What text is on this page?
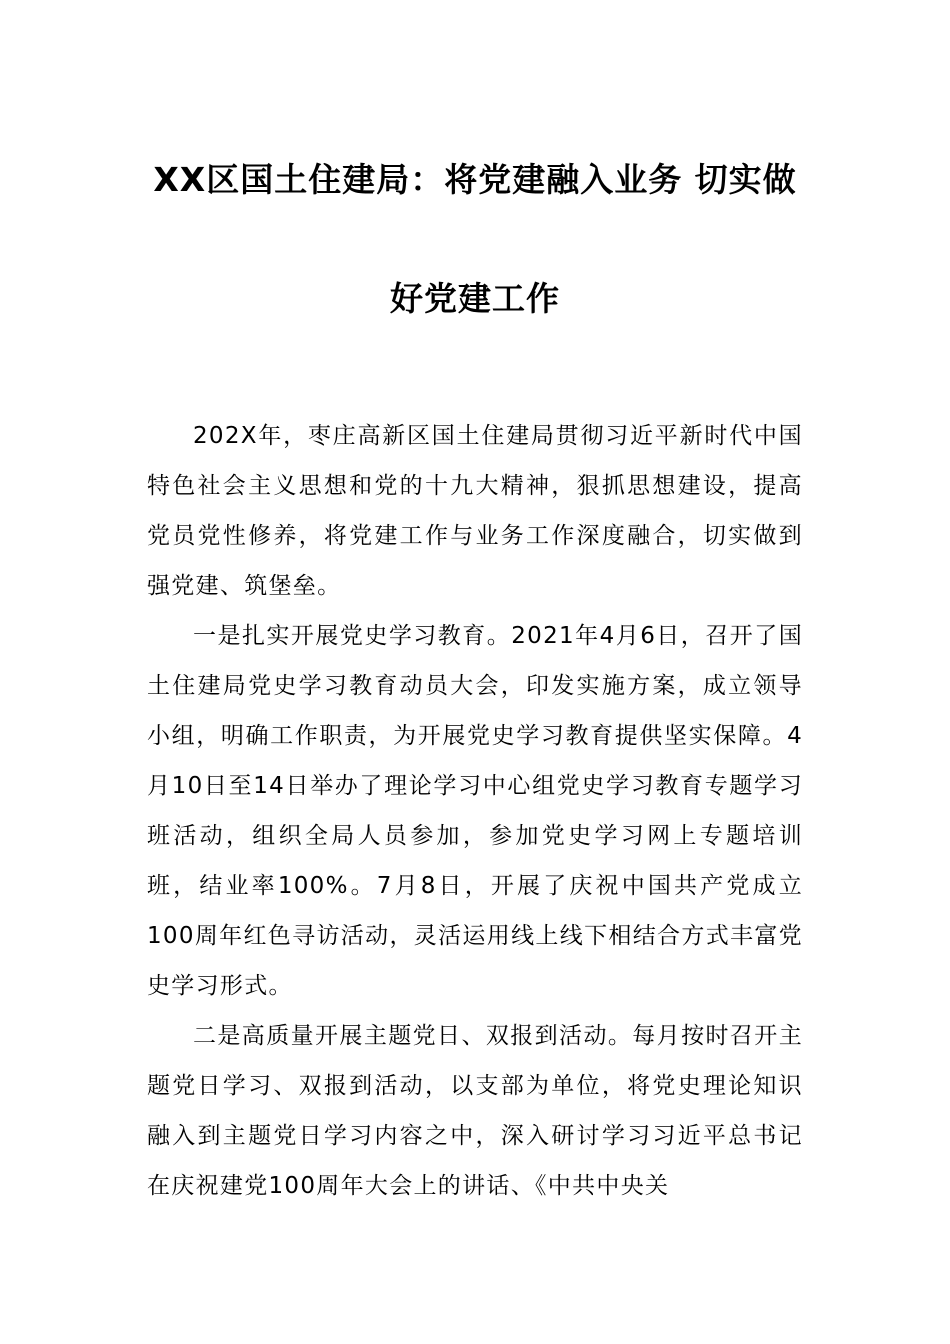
XX区国土住建局：将党建融入业务 切实做
好党建工作

202X年，枣庄高新区国土住建局贯彻习近平新时代中国特色社会主义思想和党的十九大精神，狠抓思想建设，提高党员党性修养，将党建工作与业务工作深度融合，切实做到强党建、筑堡垒。

一是扎实开展党史学习教育。2021年4月6日，召开了国土住建局党史学习教育动员大会，印发实施方案，成立领导小组，明确工作职责，为开展党史学习教育提供坚实保障。4月10日至14日举办了理论学习中心组党史学习教育专题学习班活动，组织全局人员参加，参加党史学习网上专题培训班，结业率100%。7月8日，开展了庆祝中国共产党成立100周年红色寻访活动，灵活运用线上线下相结合方式丰富党史学习形式。

二是高质量开展主题党日、双报到活动。每月按时召开主题党日学习、双报到活动，以支部为单位，将党史理论知识融入到主题党日学习内容之中，深入研讨学习习近平总书记在庆祝建党100周年大会上的讲话、《中共中央关
